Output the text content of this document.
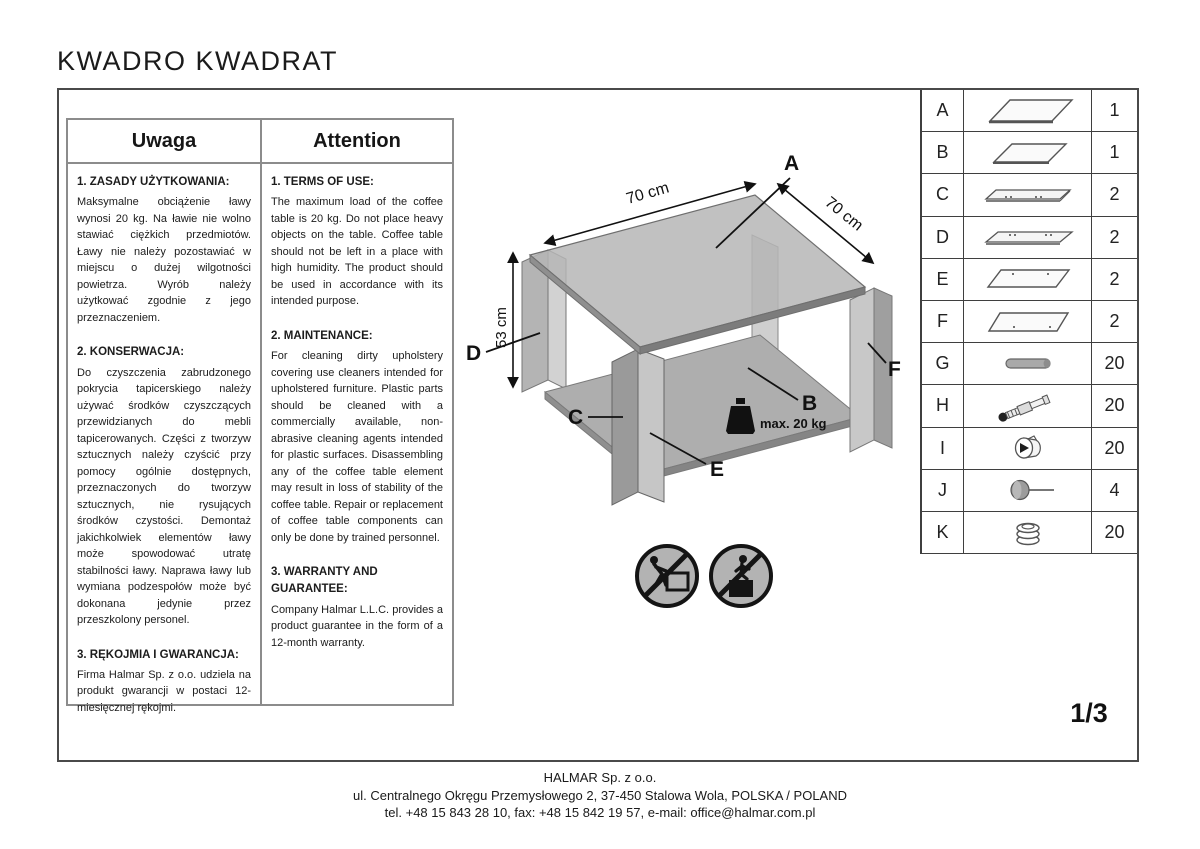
KWADRO KWADRAT
Uwaga
1. ZASADY UŻYTKOWANIA:

Maksymalne obciążenie ławy wynosi 20 kg. Na ławie nie wolno stawiać ciężkich przedmiotów. Ławy nie należy pozostawiać w miejscu o dużej wilgotności powietrza. Wyrób należy użytkować zgodnie z jego przeznaczeniem.

2. KONSERWACJA:

Do czyszczenia zabrudzonego pokrycia tapicerskiego należy używać środków czyszczących przewidzianych do mebli tapicerowanych. Części z tworzyw sztucznych należy czyścić przy pomocy ogólnie dostępnych, przeznaczonych do tworzyw sztucznych, nie rysujących środków czystości. Demontaż jakichkolwiek elementów ławy może spowodować utratę stabilności ławy. Naprawa ławy lub wymiana podzespołów może być dokonana jedynie przez przeszkolony personel.

3. RĘKOJMIA I GWARANCJA:

Firma Halmar Sp. z o.o. udziela na produkt gwarancji w postaci 12-miesięcznej rękojmi.

Attention
1. TERMS OF USE:

The maximum load of the coffee table is 20 kg. Do not place heavy objects on the table. Coffee table should not be left in a place with high humidity. The product should be used in accordance with its intended purpose.

2. MAINTENANCE:

For cleaning dirty upholstery covering use cleaners intended for upholstered furniture. Plastic parts should be cleaned with a commercially available, non-abrasive cleaning agents intended for plastic surfaces. Disassembling any of the coffee table element may result in loss of stability of the coffee table. Repair or replacement of coffee table components can only be done by trained personnel.

3. WARRANTY AND GUARANTEE:

Company Halmar L.L.C. provides a product guarantee in the form of a 12-month warranty.

70 cm
70 cm
53 cm
A
B
C
D
E
F
max. 20 kg
A	1
B	1
C	2
D	2
E	2
F	2
G	20
H	20
I	20
J	4
K	20
1/3
HALMAR Sp. z o.o.
ul. Centralnego Okręgu Przemysłowego 2, 37-450 Stalowa Wola, POLSKA / POLAND
tel. +48 15 843 28 10, fax: +48 15 842 19 57, e-mail: office@halmar.com.pl
